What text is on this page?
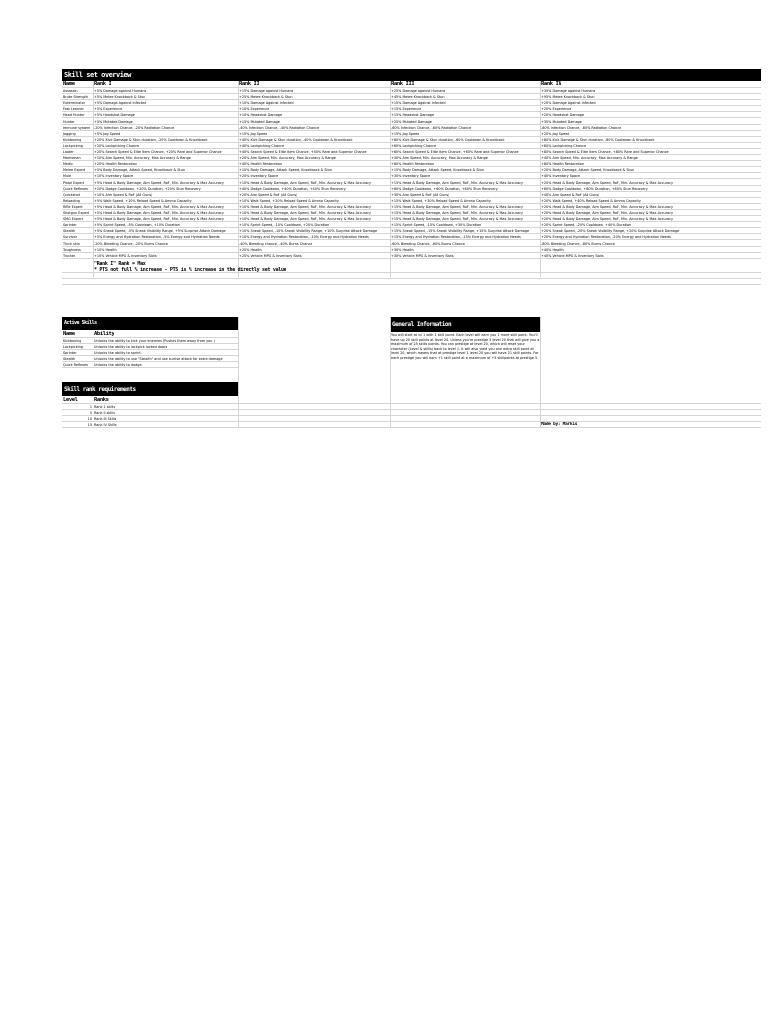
Skill set overview
Name	Rank I	Rank II	Rank III	Rank IV
Assassin	+5% Damage against Humans	+15% Damage against Humans	+25% Damage against Humans	+35% Damage against Humans
Brute Strength +5% Melee Knockback & Stun	+25% Melee Knockback & Stun	+45% Melee Knockback & Stun	+95% Melee Knockback & Stun
Exterminator	+5% Damage Against Infected	+10% Damage Against Infected	+15% Damage Against Infected	+20% Damage Against Infected
Fast Learner	+5% Experience	+10% Experience	+15% Experience	+20% Experience
Head Hunter	+5% Headshot Damage	+10% Headshot Damage	+15% Headshot Damage	+20% Headshot Damage
Hunter	+5% Mutated Damage	+15% Mutated Damage	+25% Mutated Damage	+35% Mutated Damage
Immune system -20% Infection Chance, -20% Radiation Chance	-40% Infection Chance, -40% Radiation Chance	-60% Infection Chance, -60% Radiation Chance	-80% Infection Chance, -80% Radiation Chance
Jogging	+5% Jog Speed	+10% Jog Speed	+15% Jog Speed	+20% Jog Speed
Kickboxing	+20% Kick Damage & Stun duration, -20% Cooldown & Knockback	+40% Kick Damage & Stun duration, -40% Cooldown & Knockback	+60% Kick Damage & Stun duration, -60% Cooldown & Knockback	+80% Kick Damage & Stun duration, -80% Cooldown & Knockback
Lockpicking	+20% Lockpicking Chance	+40% Lockpicking Chance	+60% Lockpicking Chance	+80% Lockpicking Chance
Looter	+20% Search Speed & Elite Item Chance, +20% Rare and Superior Chance	+40% Search Speed & Elite Item Chance, +40% Rare and Superior Chance	+60% Search Speed & Elite Item Chance, +60% Rare and Superior Chance	+80% Search Speed & Elite Item Chance, +80% Rare and Superior Chance
Marksman	+10% Aim Speed, Min. Accuracy, Max Accuracy & Range	+20% Aim Speed, Min. Accuracy, Max Accuracy & Range	+30% Aim Speed, Min. Accuracy, Max Accuracy & Range	+40% Aim Speed, Min. Accuracy, Max Accuracy & Range
Medic	+20% Health Restoration	+40% Health Restoration	+60% Health Restoration	+80% Health Restoration
Melee Expert	+5% Body Damage, Attack Speed, Knockback & Stun	+10% Body Damage, Attack Speed, Knockback & Stun	+15% Body Damage, Attack Speed, Knockback & Stun	+20% Body Damage, Attack Speed, Knockback & Stun
Mule	+10% Inventory Space	+20% Inventory Space	+30% Inventory Space	+40% Inventory Space
Pistol Expert	+5% Head & Body Damage, Aim Speed, RoF, Min. Accuracy & Max Accuracy	+10% Head & Body Damage, Aim Speed, RoF, Min. Accuracy & Max Accuracy	+15% Head & Body Damage, Aim Speed, RoF, Min. Accuracy & Max Accuracy	+20% Head & Body Damage, Aim Speed, RoF, Min. Accuracy & Max Accuracy
Quick Reflexes +20% Dodge Cooldown, +20% Duration, +20% Stun Recovery	+40% Dodge Cooldown, +40% Duration, +40% Stun Recovery	+60% Dodge Cooldown, +60% Duration, +60% Stun Recovery	+80% Dodge Cooldown, +80% Duration, +80% Stun Recovery
Quickshot	+10% Aim Speed & RoF (All Guns)	+20% Aim Speed & RoF (All Guns)	+30% Aim Speed & RoF (All Guns)	+40% Aim Speed & RoF (All Guns)
Reloading	+5% Walk Speed, +10% Reload Speed & Ammo Capacity	+10% Walk Speed, +20% Reload Speed & Ammo Capacity	+15% Walk Speed, +30% Reload Speed & Ammo Capacity	+20% Walk Speed, +40% Reload Speed & Ammo Capacity
Rifle Expert	+5% Head & Body Damage, Aim Speed, RoF, Min. Accuracy & Max Accuracy	+10% Head & Body Damage, Aim Speed, RoF, Min. Accuracy & Max Accuracy	+15% Head & Body Damage, Aim Speed, RoF, Min. Accuracy & Max Accuracy	+20% Head & Body Damage, Aim Speed, RoF, Min. Accuracy & Max Accuracy
Shotgun Expert +5% Head & Body Damage, Aim Speed, RoF, Min. Accuracy & Max Accuracy	+10% Head & Body Damage, Aim Speed, RoF, Min. Accuracy & Max Accuracy	+15% Head & Body Damage, Aim Speed, RoF, Min. Accuracy & Max Accuracy	+20% Head & Body Damage, Aim Speed, RoF, Min. Accuracy & Max Accuracy
SMG Expert	+5% Head & Body Damage, Aim Speed, RoF, Min. Accuracy & Max Accuracy	+10% Head & Body Damage, Aim Speed, RoF, Min. Accuracy & Max Accuracy	+15% Head & Body Damage, Aim Speed, RoF, Min. Accuracy & Max Accuracy	+20% Head & Body Damage, Aim Speed, RoF, Min. Accuracy & Max Accuracy
Sprinter	+5% Sprint Speed, -5% Cooldown, +10% Duration	+10% Sprint Speed, -10% Cooldown, +20% Duration	+15% Sprint Speed, -15% Cooldown, +30% Duration	+20% Sprint Speed, -20% Cooldown, +40% Duration
Stealth	+5% Sneak Speed, -5% Sneak Visibility Range, +5% Surprise Attack Damage	+10% Sneak Speed, -10% Sneak Visibility Range, +10% Surprise Attack Damage	+15% Sneak Speed, -15% Sneak Visibility Range, +15% Surprise Attack Damage	+20% Sneak Speed, -20% Sneak Visibility Range, +20% Surprise Attack Damage
Survivor	+5% Energy and Hydration Restoration, -5% Energy and Hydration Needs	+10% Energy and Hydration Restoration, -10% Energy and Hydration Needs	+15% Energy and Hydration Restoration, -15% Energy and Hydration Needs	+20% Energy and Hydration Restoration, -20% Energy and Hydration Needs
Thick skin	-20% Bleeding Chance, -20% Burns Chance	-40% Bleeding chance, -40% Burns Chance	-60% Bleeding Chance, -60% Burns Chance	-80% Bleeding Chance, -80% Burns Chance
Toughness	+10% Health	+20% Health	+30% Health	+40% Health
Trucker	+10% Vehicle MPG & Inventory Slots	+20% Vehicle MPG & Inventory Slots	+30% Vehicle MPG & Inventory Slots	+40% Vehicle MPG & Inventory Slots
"Rank I" Rank = Max
* PTS not full % increase - PTS is % increase in the directly set value
Active Skills	General Information
Name	Ability
Kickboxing	Unlocks the ability to kick your enemies (Pushes them away from you )
Lockpicking	Unlocks the ability to lockpick locked doors
Sprinter	Unlocks the ability to sprint.
Stealth	Unlocks the ability to use "Stealth" and use surrise attack for extra damage
Quick Reflexes Unlocks the ability to dodge.
You will start at lvl 1 with 1 skill point. Each level will earn you 1 more skill point. You'll have up 20 skill points at level 20. Unless you're prestige 5 level 20 that will give you a maximum of 25 skills points. You can prestige at level 20, which will reset your character (Level & skills) back to level 1. It will also yield you one extra skill point at level 20, which means that at prestige level 1 level 20 you will have 21 skill points. For each prestige you will earn +1 skill point at a maximum of +5 skillpoints at prestige 5.
Skill rank requirements
Level	Ranks
1 Rank 1 skills
5 Rank II skills
10 Rank III Skills
15 Rank IV Skills	Made by: Markis
